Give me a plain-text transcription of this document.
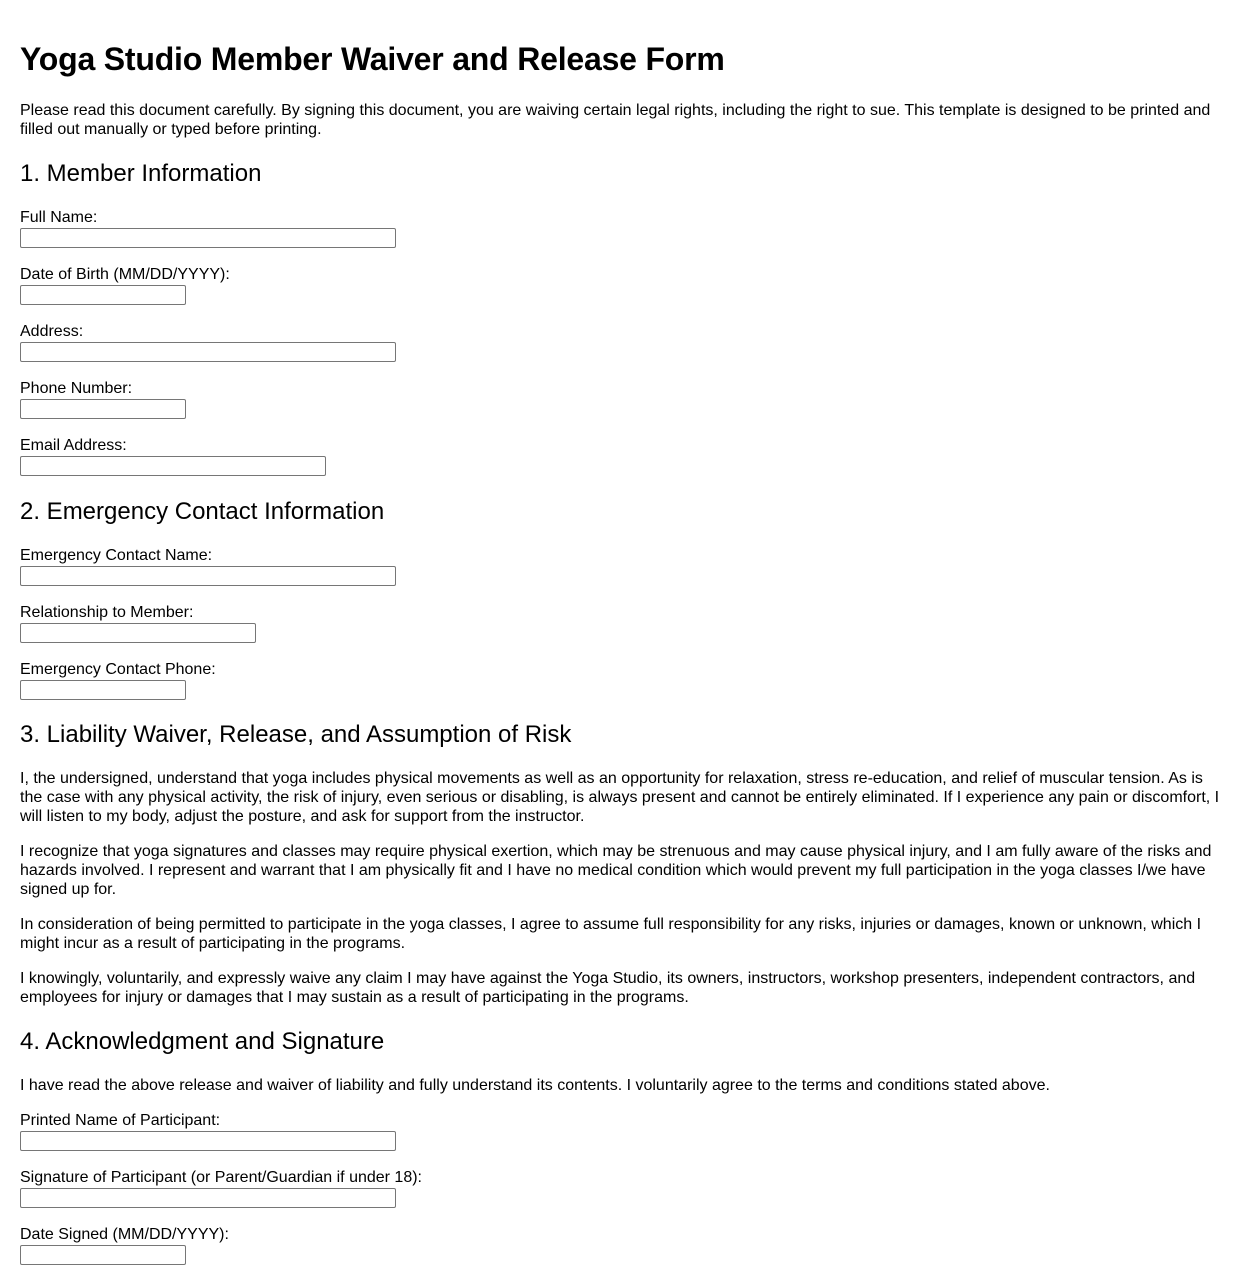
Yoga Studio Member Waiver and Release Form

Please read this document carefully. By signing this document, you are waiving certain legal rights, including the right to sue. This template is designed to be printed and filled out manually or typed before printing.

1. Member Information
Full Name:
Date of Birth (MM/DD/YYYY):
Address:
Phone Number:
Email Address:
2. Emergency Contact Information
Emergency Contact Name:
Relationship to Member:
Emergency Contact Phone:
3. Liability Waiver, Release, and Assumption of Risk

I, the undersigned, understand that yoga includes physical movements as well as an opportunity for relaxation, stress re-education, and relief of muscular tension. As is the case with any physical activity, the risk of injury, even serious or disabling, is always present and cannot be entirely eliminated. If I experience any pain or discomfort, I will listen to my body, adjust the posture, and ask for support from the instructor.

I recognize that yoga signatures and classes may require physical exertion, which may be strenuous and may cause physical injury, and I am fully aware of the risks and hazards involved. I represent and warrant that I am physically fit and I have no medical condition which would prevent my full participation in the yoga classes I/we have signed up for.

In consideration of being permitted to participate in the yoga classes, I agree to assume full responsibility for any risks, injuries or damages, known or unknown, which I might incur as a result of participating in the programs.

I knowingly, voluntarily, and expressly waive any claim I may have against the Yoga Studio, its owners, instructors, workshop presenters, independent contractors, and employees for injury or damages that I may sustain as a result of participating in the programs.

4. Acknowledgment and Signature

I have read the above release and waiver of liability and fully understand its contents. I voluntarily agree to the terms and conditions stated above.

Printed Name of Participant:
Signature of Participant (or Parent/Guardian if under 18):
Date Signed (MM/DD/YYYY):
